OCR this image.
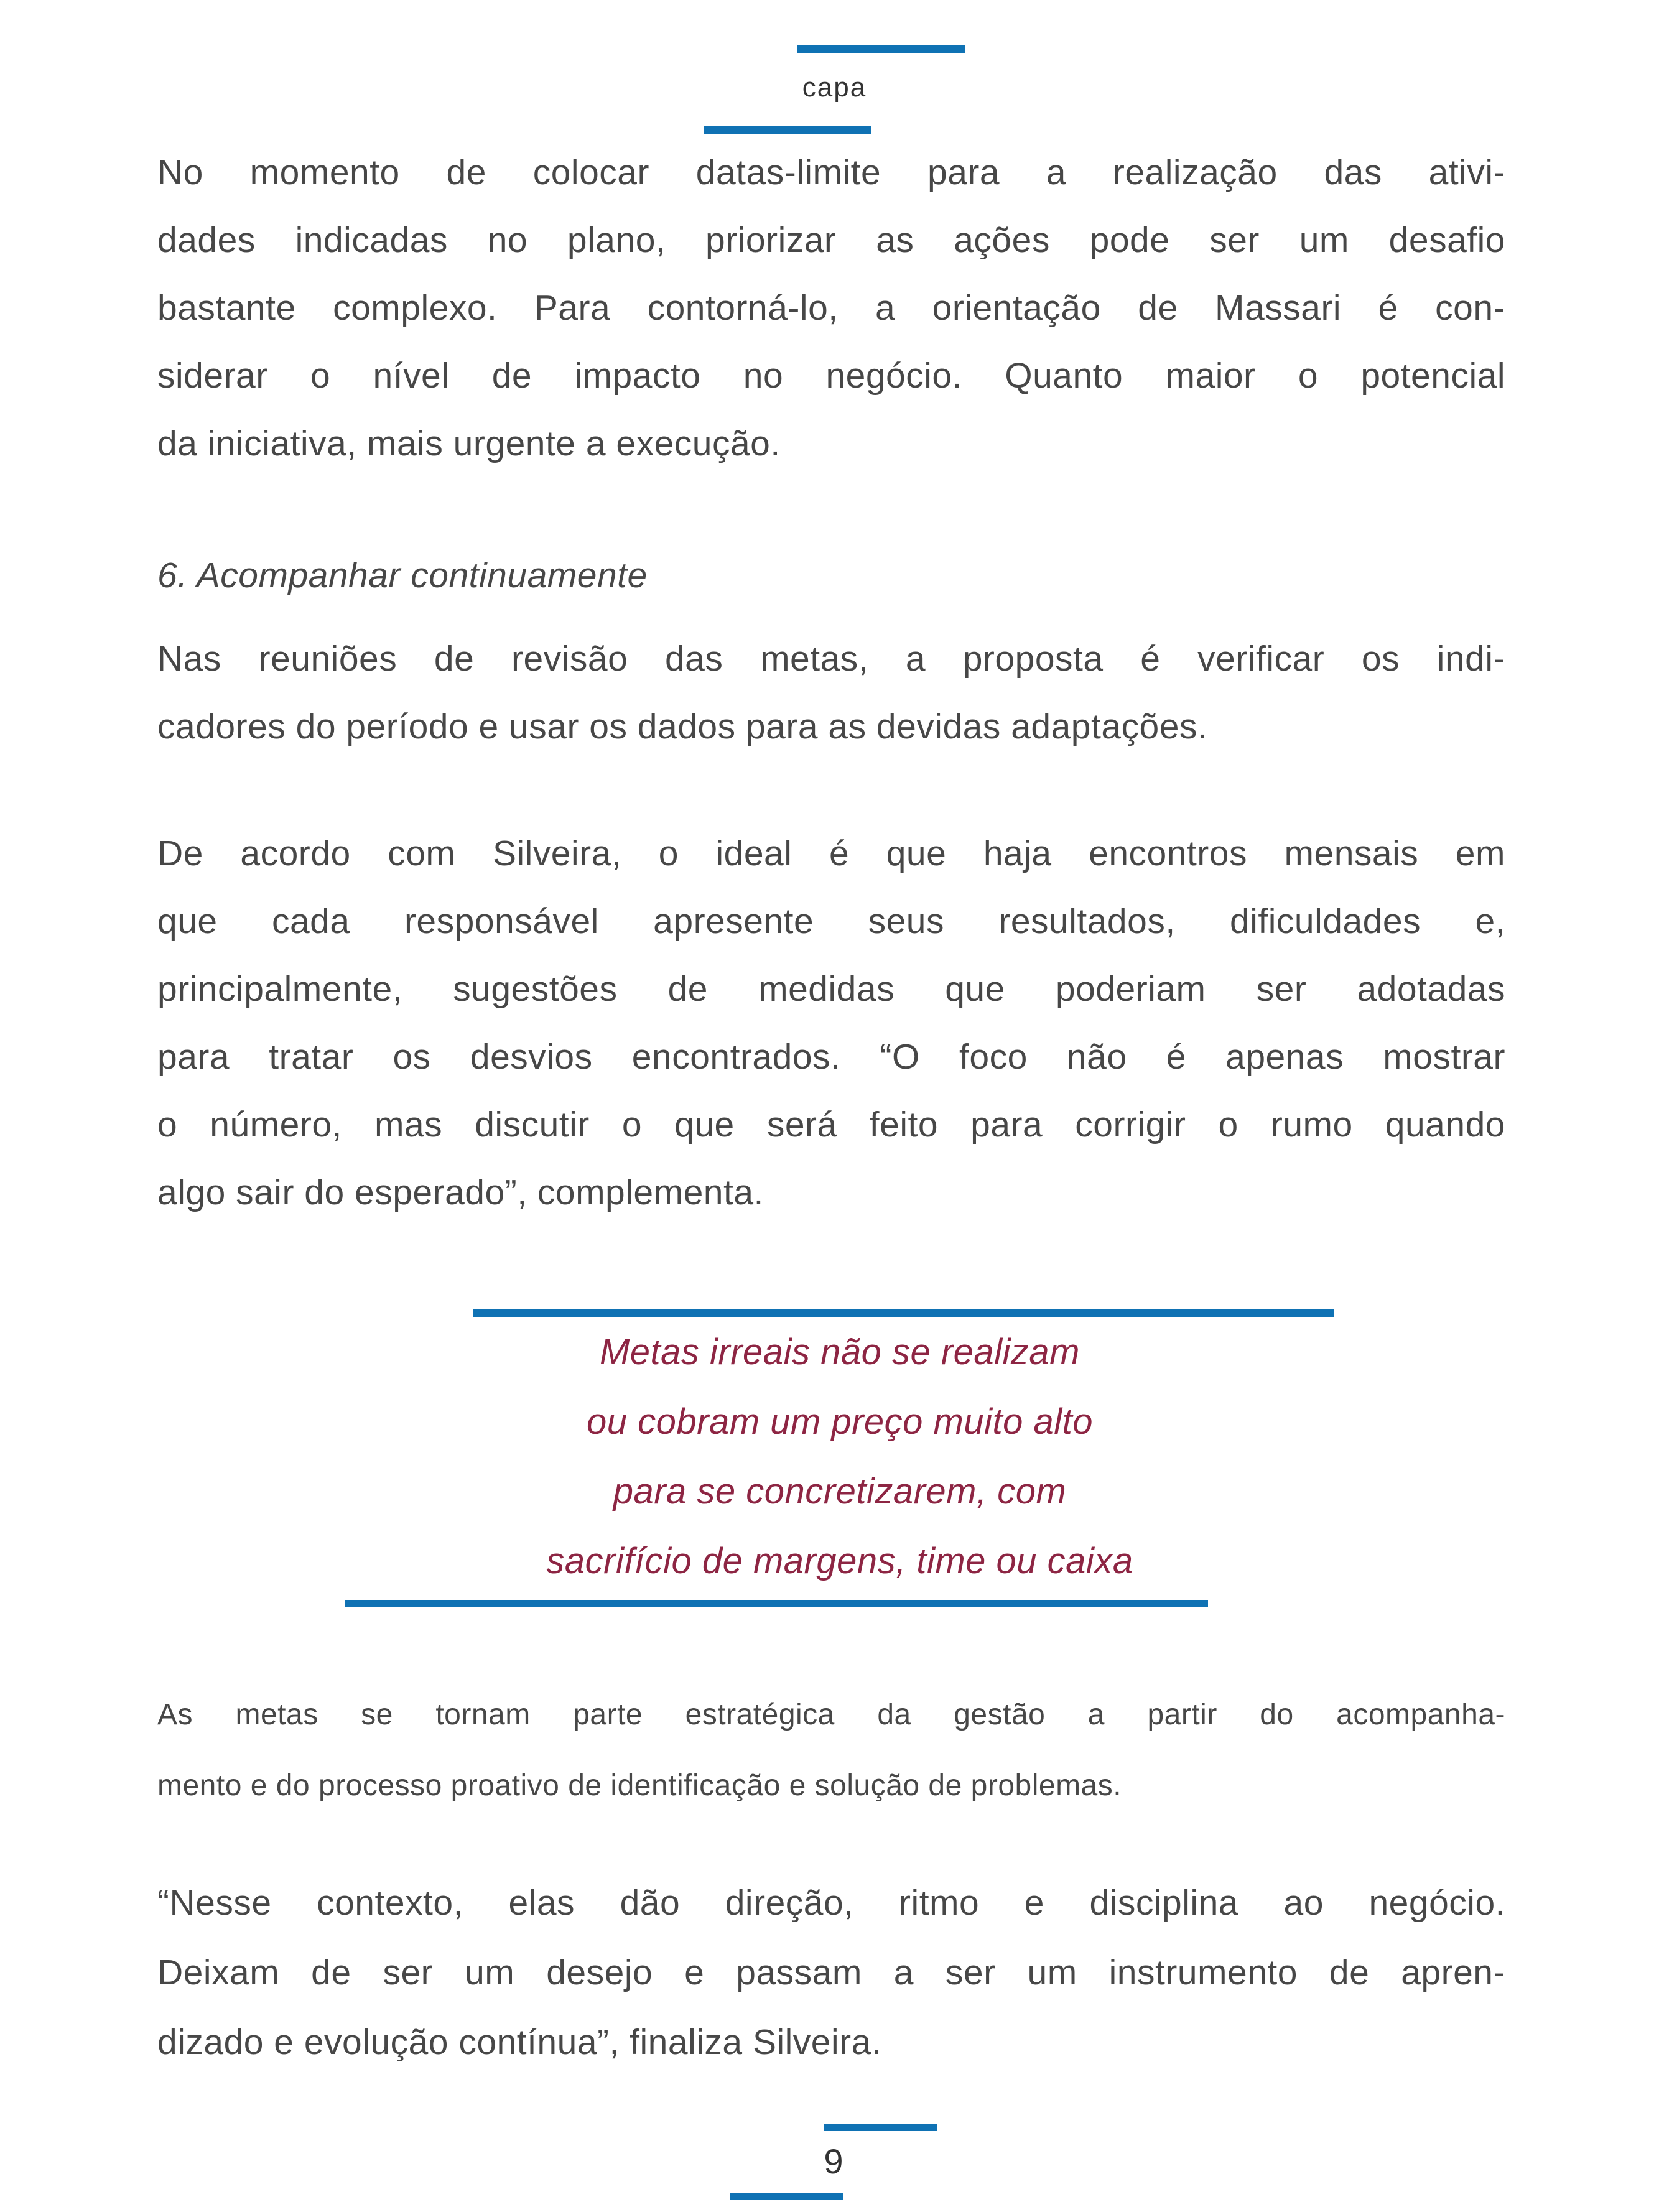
capa
No momento de colocar datas-limite para a realização das ativi-
dades indicadas no plano, priorizar as ações pode ser um desafio
bastante complexo. Para contorná-lo, a orientação de Massari é con-
siderar o nível de impacto no negócio. Quanto maior o potencial
da iniciativa, mais urgente a execução.
6. Acompanhar continuamente
Nas reuniões de revisão das metas, a proposta é verificar os indi-
cadores do período e usar os dados para as devidas adaptações.
De acordo com Silveira, o ideal é que haja encontros mensais em
que cada responsável apresente seus resultados, dificuldades e,
principalmente, sugestões de medidas que poderiam ser adotadas
para tratar os desvios encontrados. “O foco não é apenas mostrar
o número, mas discutir o que será feito para corrigir o rumo quando
algo sair do esperado”, complementa.
Metas irreais não se realizam
ou cobram um preço muito alto
para se concretizarem, com
sacrifício de margens, time ou caixa
As metas se tornam parte estratégica da gestão a partir do acompanha-
mento e do processo proativo de identificação e solução de problemas.
“Nesse contexto, elas dão direção, ritmo e disciplina ao negócio.
Deixam de ser um desejo e passam a ser um instrumento de apren-
dizado e evolução contínua”, finaliza Silveira.
9
